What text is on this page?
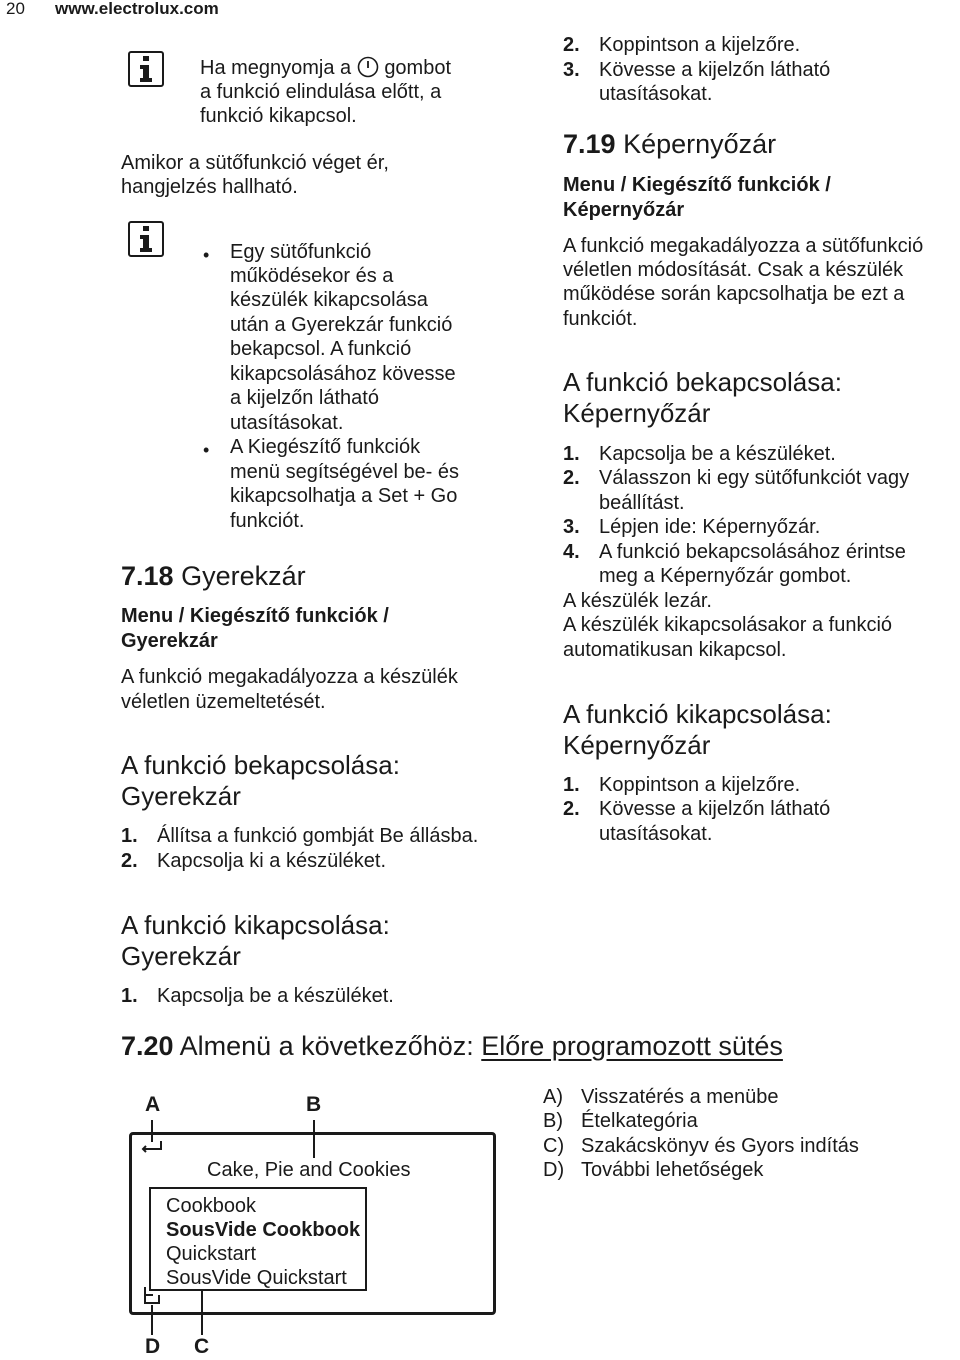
20 www.electrolux.com
Ha megnyomja a gombot
a funkció elindulása előtt, a
funkció kikapcsol.
Amikor a sütőfunkció véget ér,
hangjelzés hallható.
• Egy sütőfunkció
működésekor és a
készülék kikapcsolása
után a Gyerekzár funkció
bekapcsol. A funkció
kikapcsolásához kövesse
a kijelzőn látható
utasításokat.
• A Kiegészítő funkciók
menü segítségével be- és
kikapcsolhatja a Set + Go
funkciót.
7.18 Gyerekzár
Menu / Kiegészítő funkciók /
Gyerekzár
A funkció megakadályozza a készülék
véletlen üzemeltetését.
A funkció bekapcsolása:
Gyerekzár
1. Állítsa a funkció gombját Be állásba.
2. Kapcsolja ki a készüléket.
A funkció kikapcsolása:
Gyerekzár
1. Kapcsolja be a készüléket.
2. Koppintson a kijelzőre.
3. Kövesse a kijelzőn látható
utasításokat.
7.19 Képernyőzár
Menu / Kiegészítő funkciók /
Képernyőzár
A funkció megakadályozza a sütőfunkció
véletlen módosítását. Csak a készülék
működése során kapcsolhatja be ezt a
funkciót.
A funkció bekapcsolása:
Képernyőzár
1. Kapcsolja be a készüléket.
2. Válasszon ki egy sütőfunkciót vagy
beállítást.
3. Lépjen ide: Képernyőzár.
4. A funkció bekapcsolásához érintse
meg a Képernyőzár gombot.
A készülék lezár.
A készülék kikapcsolásakor a funkció
automatikusan kikapcsol.
A funkció kikapcsolása:
Képernyőzár
1. Koppintson a kijelzőre.
2. Kövesse a kijelzőn látható
utasításokat.
7.20 Almenü a következőhöz: Előre programozott sütés
A	B
D C
Cake, Pie and Cookies
Cookbook
SousVide Cookbook
Quickstart
SousVide Quickstart
A) Visszatérés a menübe
B) Ételkategória
C) Szakácskönyv és Gyors indítás
D) További lehetőségek
